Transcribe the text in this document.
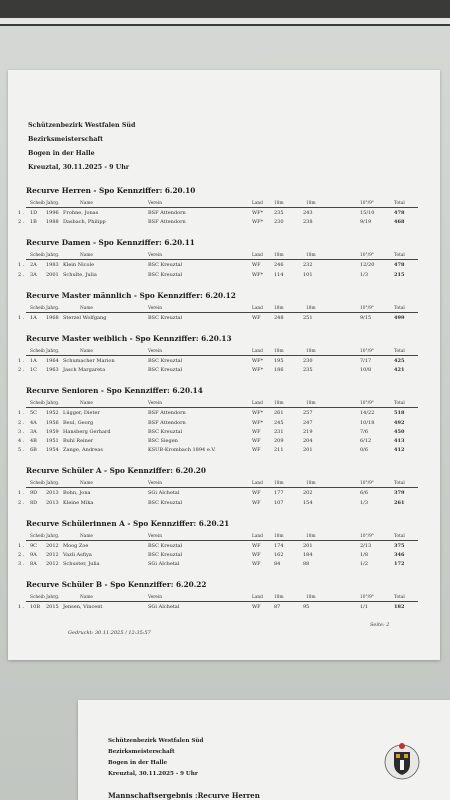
Schützenbezirk Westfalen Süd
Bezirksmeisterschaft
Bogen in der Halle
Kreuztal, 30.11.2025 - 9 Uhr
Recurve Herren - Spo Kennziffer: 6.20.10
Scheib Jahrg.	Name	Verein	Land	18m	18m	10°/9°	Total
1 . 1D 1996 Frohne, Jonas	BSF Attendorn	WF* 235	243	15/10	478
2 . 1B 1988 Dasbach, Philipp	BSF Attendorn	WF* 230	238	9/19	468
Recurve Damen - Spo Kennziffer: 6.20.11
Scheib Jahrg.	Name	Verein	Land	18m	18m	10°/9°	Total
1 . 2A 1983 Klein Nicole	BSC Kreuztal	WF	246	232	12/20	478
2 . 3A 2001 Schulte, Julia	BSC Kreuztal	WF* 114	101	1/3	215
Recurve Master männlich - Spo Kennziffer: 6.20.12
Scheib Jahrg.	Name	Verein	Land	18m	18m	10°/9°	Total
1 . 1A 1968 Sterzel Wolfgang	BSC Kreuztal	WF	248	251	9/15	499
Recurve Master weiblich - Spo Kennziffer: 6.20.13
Scheib Jahrg.	Name	Verein	Land	18m	18m	10°/9°	Total
1 . 1A 1964 Schumacher Marion	BSC Kreuztal	WF* 195	230	7/17	425
2 . 1C 1963 Jasch Margareta	BSC Kreuztal	WF* 186	235	10/8	421
Recurve Senioren - Spo Kennziffer: 6.20.14
Scheib Jahrg.	Name	Verein	Land	18m	18m	10°/9°	Total
1 . 5C 1952 Lügger, Dieter	BSF Attendorn	WF* 261	257	14/22	518
2 . 4A 1956 Beul, Georg	BSF Attendorn	WF* 245	247	10/18	492
3 . 3A 1959 Hansberg Gerhard	BSC Kreuztal	WF	231	219	7/6	450
4 . 4B 1951 Buhl Reiner	BSC Siegen	WF	209	204	6/12	413
5 . 6B 1954 Zange, Andreas	KSUB-Krombach 1894 e.V.	WF	211	201	0/6	412
Recurve Schüler A - Spo Kennziffer: 6.20.20
Scheib Jahrg.	Name	Verein	Land	18m	18m	10°/9°	Total
1 . 9D 2013 Bohn, Jona	SGi Alchetal	WF	177	202	6/6	379
2 . 8D 2013 Kleine Mika	BSC Kreuztal	WF	107	154	1/3	261
Recurve Schülerinnen A - Spo Kennziffer: 6.20.21
Scheib Jahrg.	Name	Verein	Land	18m	18m	10°/9°	Total
1 . 9C 2012 Moog Zoe	BSC Kreuztal	WF	174	201	2/13	375
2 . 9A 2012 Vazli Asfiya	BSC Kreuztal	WF	162	184	1/8	346
3 . 8A 2012 Schuster, Julia	SGi Alchetal	WF	84	88	1/2	172
Recurve Schüler B - Spo Kennziffer: 6.20.22
Scheib Jahrg.	Name	Verein	Land	18m	18m	10°/9°	Total
1 . 10B 2015 Jensen, Vincent	SGi Alchetal	WF	87	95	1/1	182
Gedruckt: 30.11.2025 / 12:35:57
Seite: 2
Schützenbezirk Westfalen Süd
Bezirksmeisterschaft
Bogen in der Halle
Kreuztal, 30.11.2025 - 9 Uhr
Mannschaftsergebnis :Recurve Herren
